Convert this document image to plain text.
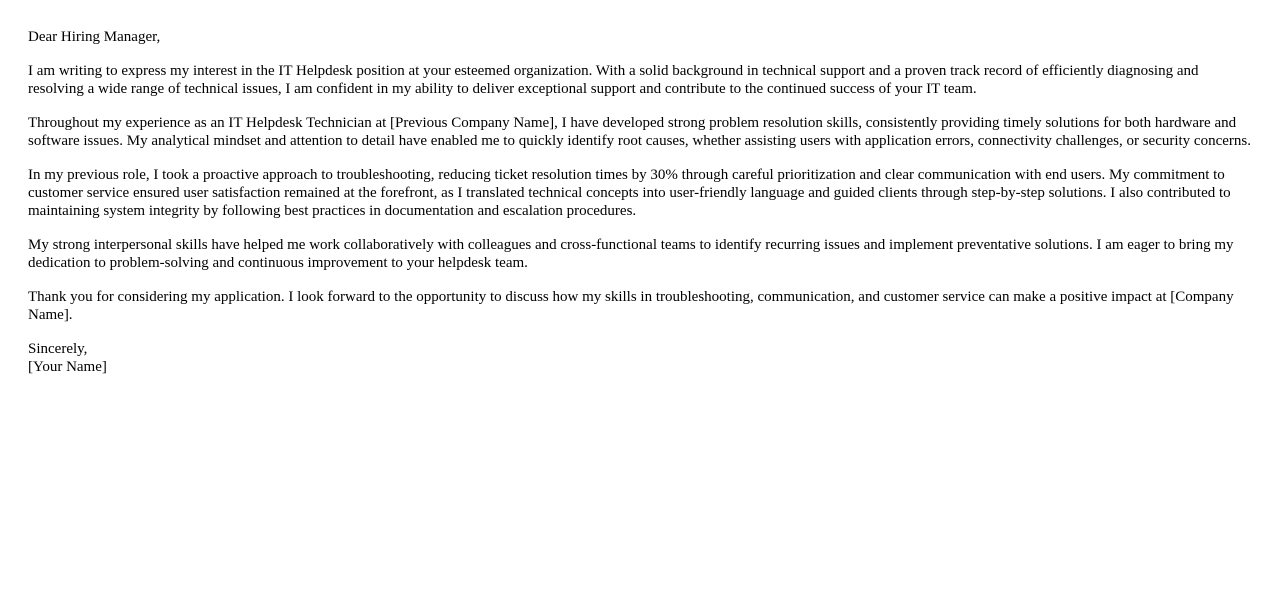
Dear Hiring Manager,

I am writing to express my interest in the IT Helpdesk position at your esteemed organization. With a solid background in technical support and a proven track record of efficiently diagnosing and resolving a wide range of technical issues, I am confident in my ability to deliver exceptional support and contribute to the continued success of your IT team.

Throughout my experience as an IT Helpdesk Technician at [Previous Company Name], I have developed strong problem resolution skills, consistently providing timely solutions for both hardware and software issues. My analytical mindset and attention to detail have enabled me to quickly identify root causes, whether assisting users with application errors, connectivity challenges, or security concerns.

In my previous role, I took a proactive approach to troubleshooting, reducing ticket resolution times by 30% through careful prioritization and clear communication with end users. My commitment to customer service ensured user satisfaction remained at the forefront, as I translated technical concepts into user-friendly language and guided clients through step-by-step solutions. I also contributed to maintaining system integrity by following best practices in documentation and escalation procedures.

My strong interpersonal skills have helped me work collaboratively with colleagues and cross-functional teams to identify recurring issues and implement preventative solutions. I am eager to bring my dedication to problem-solving and continuous improvement to your helpdesk team.

Thank you for considering my application. I look forward to the opportunity to discuss how my skills in troubleshooting, communication, and customer service can make a positive impact at [Company Name].

Sincerely,
[Your Name]
